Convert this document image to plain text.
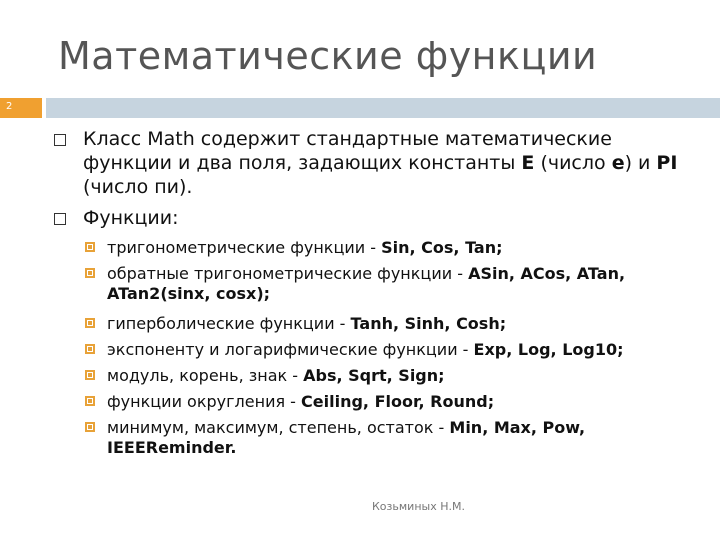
Математические функции
2
Класс Math содержит стандартные математические функции и два поля, задающих константы E (число e) и PI (число пи).
Функции:
тригонометрические функции - Sin, Cos, Tan;
обратные тригонометрические функции - ASin, ACos, ATan, ATan2(sinx, cosx);
гиперболические функции - Tanh, Sinh, Cosh;
экспоненту и логарифмические функции - Exp, Log, Log10;
модуль, корень, знак - Abs, Sqrt, Sign;
функции округления - Ceiling, Floor, Round;
минимум, максимум, степень, остаток - Min, Max, Pow, IEEEReminder.
Козьминых Н.М.
